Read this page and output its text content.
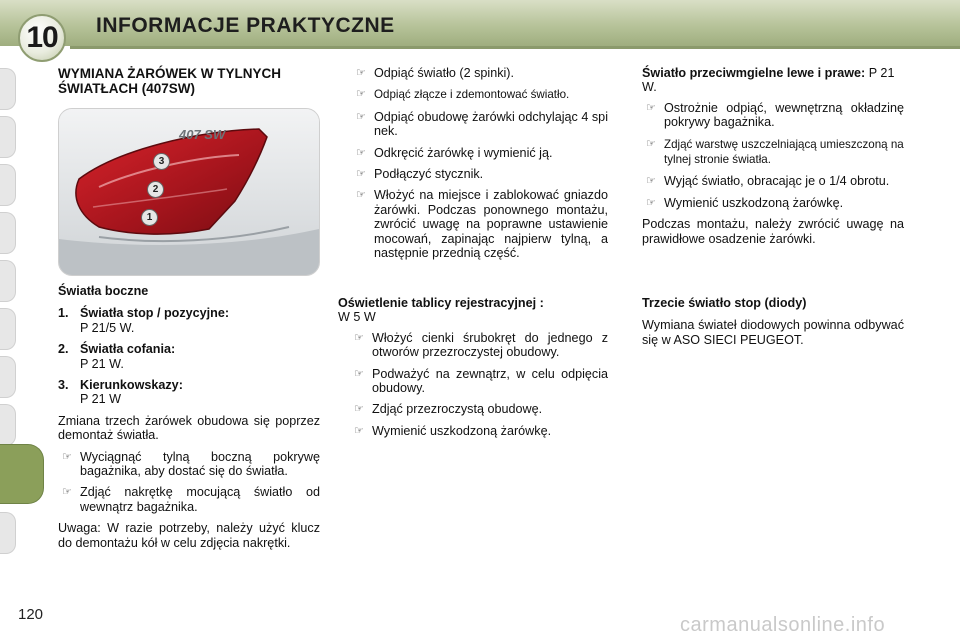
10	INFORMACJE PRAKTYCZNE
WYMIANA ŻARÓWEK W TYLNYCH ŚWIATŁACH (407SW)
407 SW
3
2
1

Światła boczne

1. Światła stop / pozycyjne:
P 21/5 W.
2. Światła cofania:
P 21 W.
3. Kierunkowskazy:
P 21 W

Zmiana trzech żarówek obudowa się poprzez demontaż światła.

☞ Wyciągnąć tylną boczną pokrywę bagażnika, aby dostać się do światła.
☞ Zdjąć nakrętkę mocującą światło od wewnątrz bagażnika.

Uwaga: W razie potrzeby, należy użyć klucz do demontażu kół w celu zdjęcia nakrętki.

☞ Odpiąć światło (2 spinki).
☞ Odpiąć złącze i zdemontować światło.
☞ Odpiąć obudowę żarówki odchylając 4 spi nek.
☞ Odkręcić żarówkę i wymienić ją.
☞ Podłączyć stycznik.
☞ Włożyć na miejsce i zablokować gniazdo żarówki. Podczas ponownego montażu, zwrócić uwagę na poprawne ustawienie mocowań, zapinając najpierw tylną, a następnie przednią część.
Oświetlenie tablicy rejestracyjnej :

W 5 W

☞ Włożyć cienki śrubokręt do jednego z otworów przezroczystej obudowy.
☞ Podważyć na zewnątrz, w celu odpięcia obudowy.
☞ Zdjąć przezroczystą obudowę.
☞ Wymienić uszkodzoną żarówkę.

Światło przeciwmgielne lewe i prawe: P 21 W.

☞ Ostrożnie odpiąć, wewnętrzną okładzinę pokrywy bagażnika.
☞ Zdjąć warstwę uszczelniającą umieszczoną na tylnej stronie światła.
☞ Wyjąć światło, obracając je o 1/4 obrotu.
☞ Wymienić uszkodzoną żarówkę.

Podczas montażu, należy zwrócić uwagę na prawidłowe osadzenie żarówki.

Trzecie światło stop (diody)

Wymiana świateł diodowych powinna odbywać się w ASO SIECI PEUGEOT.

120	carmanualsonline.info
